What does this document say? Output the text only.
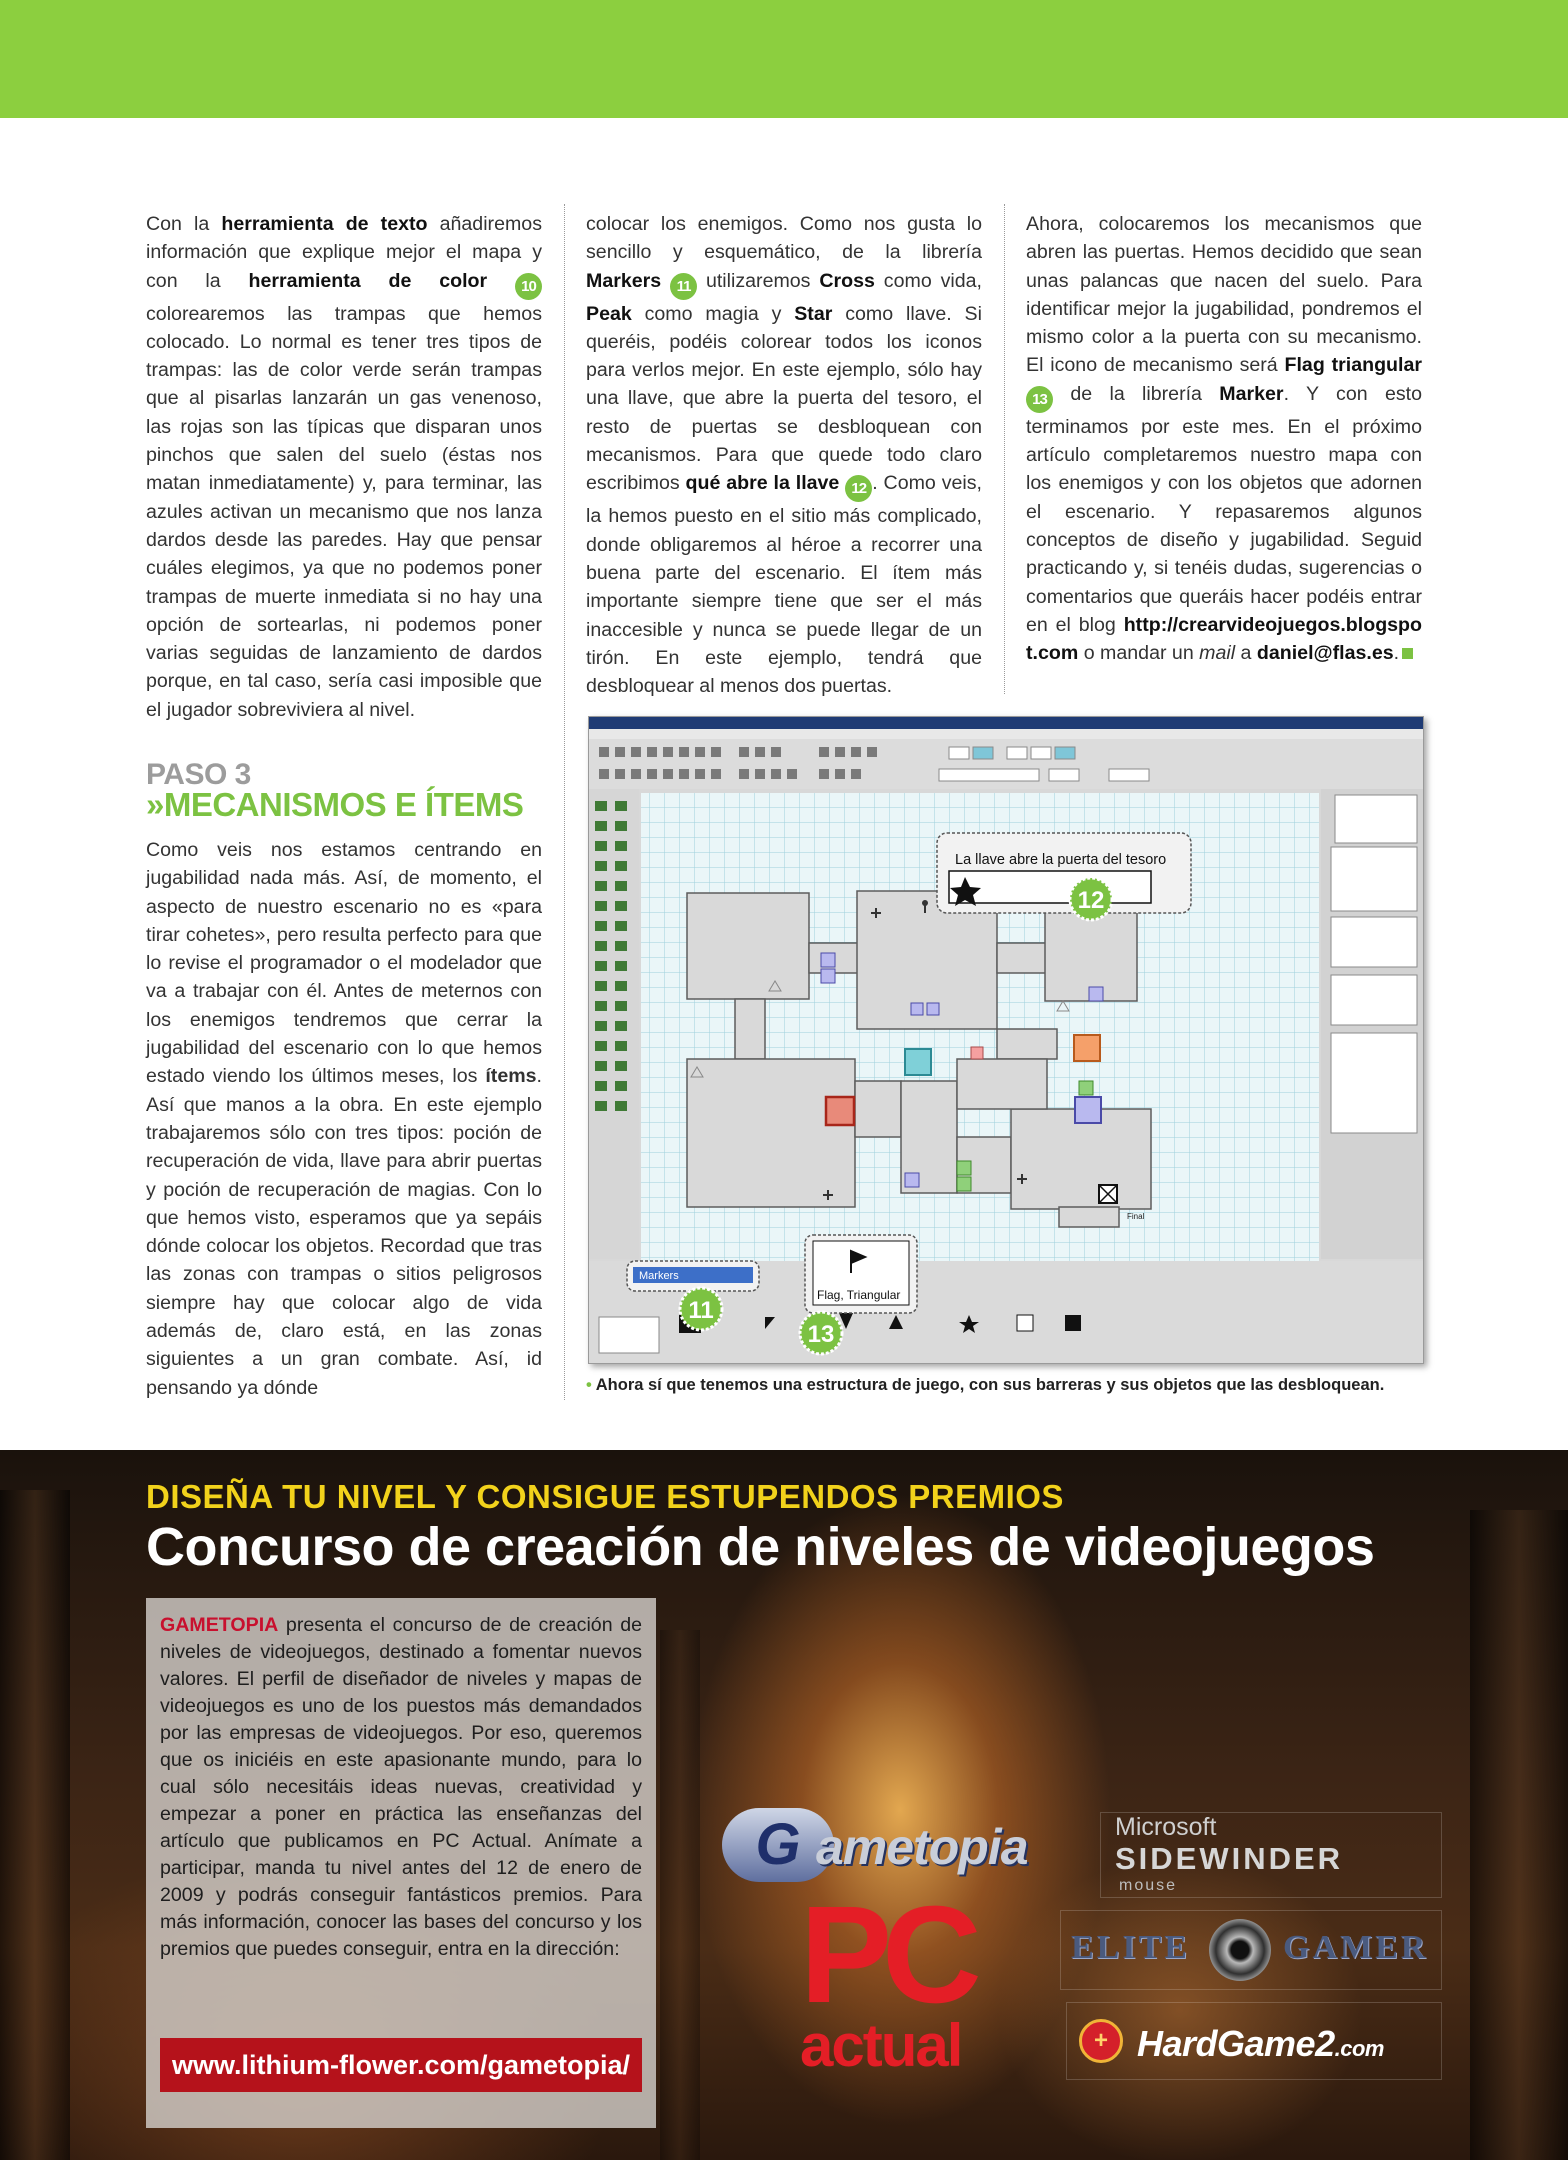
Con la herramienta de texto añadiremos información que explique mejor el mapa y con la herramienta de color 10 colorearemos las trampas que hemos colocado. Lo normal es tener tres tipos de trampas: las de color verde serán trampas que al pisarlas lanzarán un gas venenoso, las rojas son las típicas que disparan unos pinchos que salen del suelo (éstas nos matan inmediatamente) y, para terminar, las azules activan un mecanismo que nos lanza dardos desde las paredes. Hay que pensar cuáles elegimos, ya que no podemos poner trampas de muerte inmediata si no hay una opción de sortearlas, ni podemos poner varias seguidas de lanzamiento de dardos porque, en tal caso, sería casi imposible que el jugador sobreviviera al nivel.

PASO 3
»MECANISMOS E ÍTEMS

Como veis nos estamos centrando en jugabilidad nada más. Así, de momento, el aspecto de nuestro escenario no es «para tirar cohetes», pero resulta perfecto para que lo revise el programador o el modelador que va a trabajar con él. Antes de meternos con los enemigos tendremos que cerrar la jugabilidad del escenario con lo que hemos estado viendo los últimos meses, los ítems. Así que manos a la obra. En este ejemplo trabajaremos sólo con tres tipos: poción de recuperación de vida, llave para abrir puertas y poción de recuperación de magias. Con lo que hemos visto, esperamos que ya sepáis dónde colocar los objetos. Recordad que tras las zonas con trampas o sitios peligrosos siempre hay que colocar algo de vida además de, claro está, en las zonas siguientes a un gran combate. Así, id pensando ya dónde

colocar los enemigos. Como nos gusta lo sencillo y esquemático, de la librería Markers 11 utilizaremos Cross como vida, Peak como magia y Star como llave. Si queréis, podéis colorear todos los iconos para verlos mejor. En este ejemplo, sólo hay una llave, que abre la puerta del tesoro, el resto de puertas se desbloquean con mecanismos. Para que quede todo claro escribimos qué abre la llave 12 . Como veis, la hemos puesto en el sitio más complicado, donde obligaremos al héroe a recorrer una buena parte del escenario. El ítem más importante siempre tiene que ser el más inaccesible y nunca se puede llegar de un tirón. En este ejemplo, tendrá que desbloquear al menos dos puertas.

Ahora, colocaremos los mecanismos que abren las puertas. Hemos decidido que sean unas palancas que nacen del suelo. Para identificar mejor la jugabilidad, pondremos el mismo color a la puerta con su mecanismo. El icono de mecanismo será Flag triangular 13 de la librería Marker. Y con esto terminamos por este mes. En el próximo artículo completaremos nuestro mapa con los enemigos y con los objetos que adornen el escenario. Y repasaremos algunos conceptos de diseño y jugabilidad. Seguid practicando y, si tenéis dudas, sugerencias o comentarios que queráis hacer podéis entrar en el blog http://crearvideojuegos.blogspot.com o mandar un mail a daniel@flas.es.

Final
La llave abre la puerta del tesoro
12
Markers
11
Flag, Triangular
13
• Ahora sí que tenemos una estructura de juego, con sus barreras y sus objetos que las desbloquean.
DISEÑA TU NIVEL Y CONSIGUE ESTUPENDOS PREMIOS
Concurso de creación de niveles de videojuegos

GAMETOPIA presenta el concurso de de creación de niveles de videojuegos, destinado a fomentar nuevos valores. El perfil de diseñador de niveles y mapas de videojuegos es uno de los puestos más demandados por las empresas de videojuegos. Por eso, queremos que os iniciéis en este apasionante mundo, para lo cual sólo necesitáis ideas nuevas, creatividad y empezar a poner en práctica las enseñanzas del artículo que publicamos en PC Actual. Anímate a participar, manda tu nivel antes del 12 de enero de 2009 y podrás conseguir fantásticos premios. Para más información, conocer las bases del concurso y los premios que puedes conseguir, entra en la dirección:

www.lithium-flower.com/gametopia/
G ametopia
PC
actual
Microsoft
SIDEWINDER
mouse
ELITE	GAMER
+ HardGame2.com
